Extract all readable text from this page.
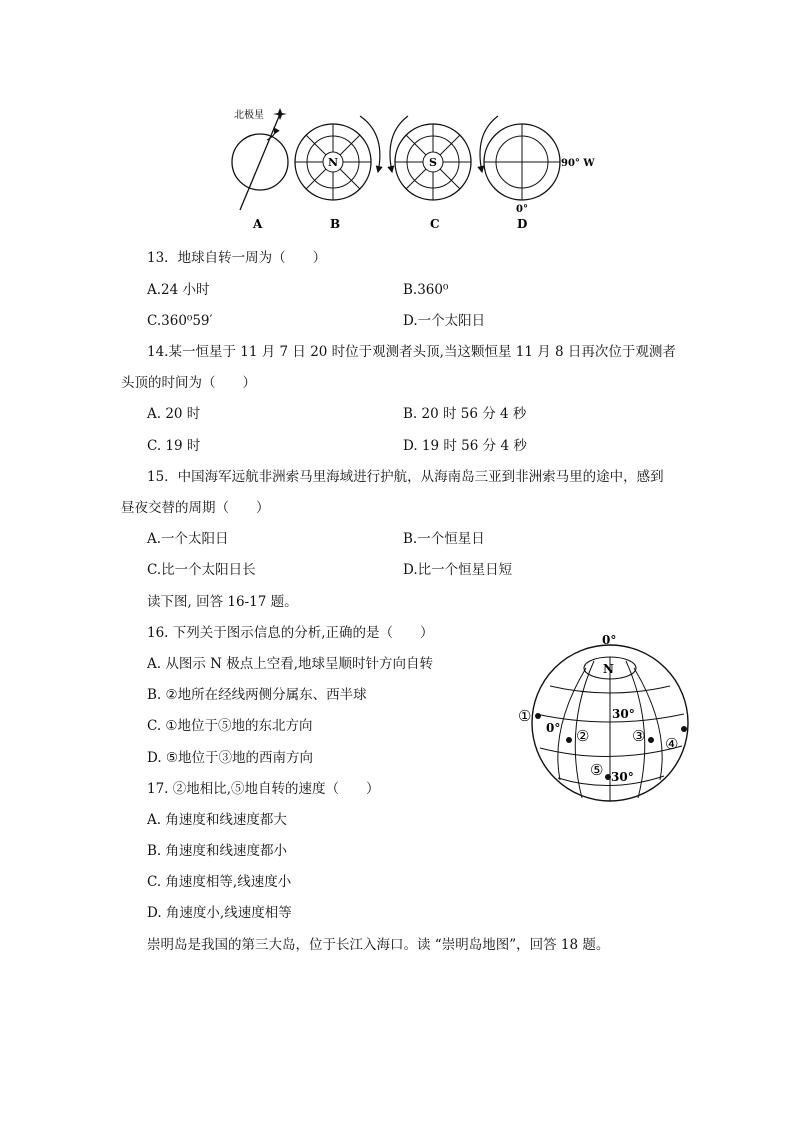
北极星
A
N
B
S
C
90° W
0°
D
13．地球自转一周为（　　）
A.24 小时	B.360⁰
C.360⁰59′	D.一个太阳日
14.某一恒星于 11 月 7 日 20 时位于观测者头顶,当这颗恒星 11 月 8 日再次位于观测者
头顶的时间为（　　）
A. 20 时	B. 20 时 56 分 4 秒
C. 19 时	D. 19 时 56 分 4 秒
15．中国海军远航非洲索马里海域进行护航，从海南岛三亚到非洲索马里的途中，感到
昼夜交替的周期（　　）
A.一个太阳日	B.一个恒星日
C.比一个太阳日长	D.比一个恒星日短
读下图, 回答 16-17 题。
16. 下列关于图示信息的分析,正确的是（　　）
A. 从图示 N 极点上空看,地球呈顺时针方向自转
B. ②地所在经线两侧分属东、西半球
C. ①地位于⑤地的东北方向
D. ⑤地位于③地的西南方向
0°
N
①
0° ②
30°
③ ④
⑤ 30°
17. ②地相比,⑤地自转的速度（　　）
A. 角速度和线速度都大
B. 角速度和线速度都小
C. 角速度相等,线速度小
D. 角速度小,线速度相等
崇明岛是我国的第三大岛，位于长江入海口。读 “崇明岛地图”，回答 18 题。
